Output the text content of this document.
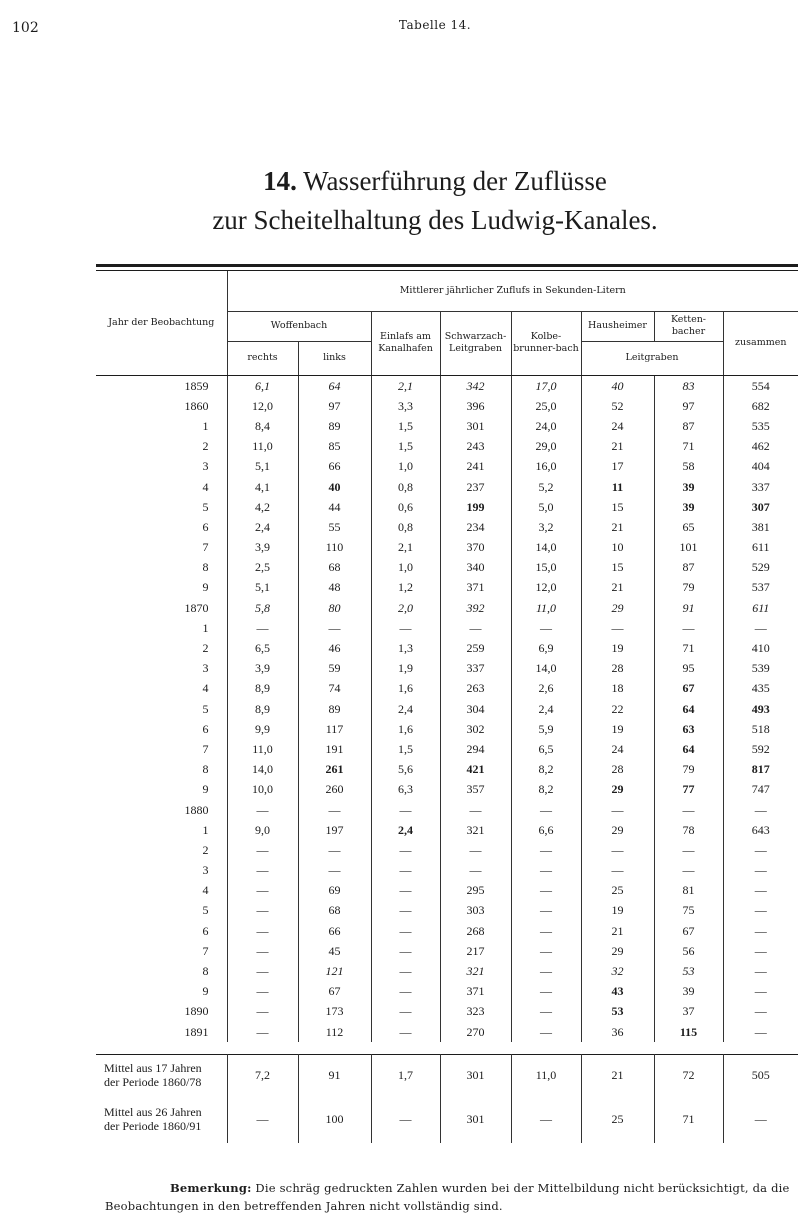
102	Tabelle 14.
14. Wasserführung der Zuflüsse
zur Scheitelhaltung des Ludwig-Kanales.
Jahr der Beobachtung	Mittlerer jährlicher Zuflufs in Sekunden-Litern							
	Woffenbach		Einlafs am Kanalhafen	Schwarzach-Leitgraben	Kolbe-brunner-bach	Hausheimer	Ketten-bacher	zusammen
	rechts	links				Leitgraben		
1859	6,1	64	2,1	342	17,0	40	83	554
1860	12,0	97	3,3	396	25,0	52	97	682
1	8,4	89	1,5	301	24,0	24	87	535
2	11,0	85	1,5	243	29,0	21	71	462
3	5,1	66	1,0	241	16,0	17	58	404
4	4,1	40	0,8	237	5,2	11	39	337
5	4,2	44	0,6	199	5,0	15	39	307
6	2,4	55	0,8	234	3,2	21	65	381
7	3,9	110	2,1	370	14,0	10	101	611
8	2,5	68	1,0	340	15,0	15	87	529
9	5,1	48	1,2	371	12,0	21	79	537
1870	5,8	80	2,0	392	11,0	29	91	611
1	—	—	—	—	—	—	—	—
2	6,5	46	1,3	259	6,9	19	71	410
3	3,9	59	1,9	337	14,0	28	95	539
4	8,9	74	1,6	263	2,6	18	67	435
5	8,9	89	2,4	304	2,4	22	64	493
6	9,9	117	1,6	302	5,9	19	63	518
7	11,0	191	1,5	294	6,5	24	64	592
8	14,0	261	5,6	421	8,2	28	79	817
9	10,0	260	6,3	357	8,2	29	77	747
1880	—	—	—	—	—	—	—	—
1	9,0	197	2,4	321	6,6	29	78	643
2	—	—	—	—	—	—	—	—
3	—	—	—	—	—	—	—	—
4	—	69	—	295	—	25	81	—
5	—	68	—	303	—	19	75	—
6	—	66	—	268	—	21	67	—
7	—	45	—	217	—	29	56	—
8	—	121	—	321	—	32	53	—
9	—	67	—	371	—	43	39	—
1890	—	173	—	323	—	53	37	—
1891	—	112	—	270	—	36	115	—
Mittel aus 17 Jahren
der Periode 1860/78	7,2	91	1,7	301	11,0	21	72	505

Mittel aus 26 Jahren
der Periode 1860/91	—	100	—	301	—	25	71	—
Bemerkung: Die schräg gedruckten Zahlen wurden bei der Mittelbildung nicht berücksichtigt, da die Beobachtungen in den betreffenden Jahren nicht vollständig sind.
